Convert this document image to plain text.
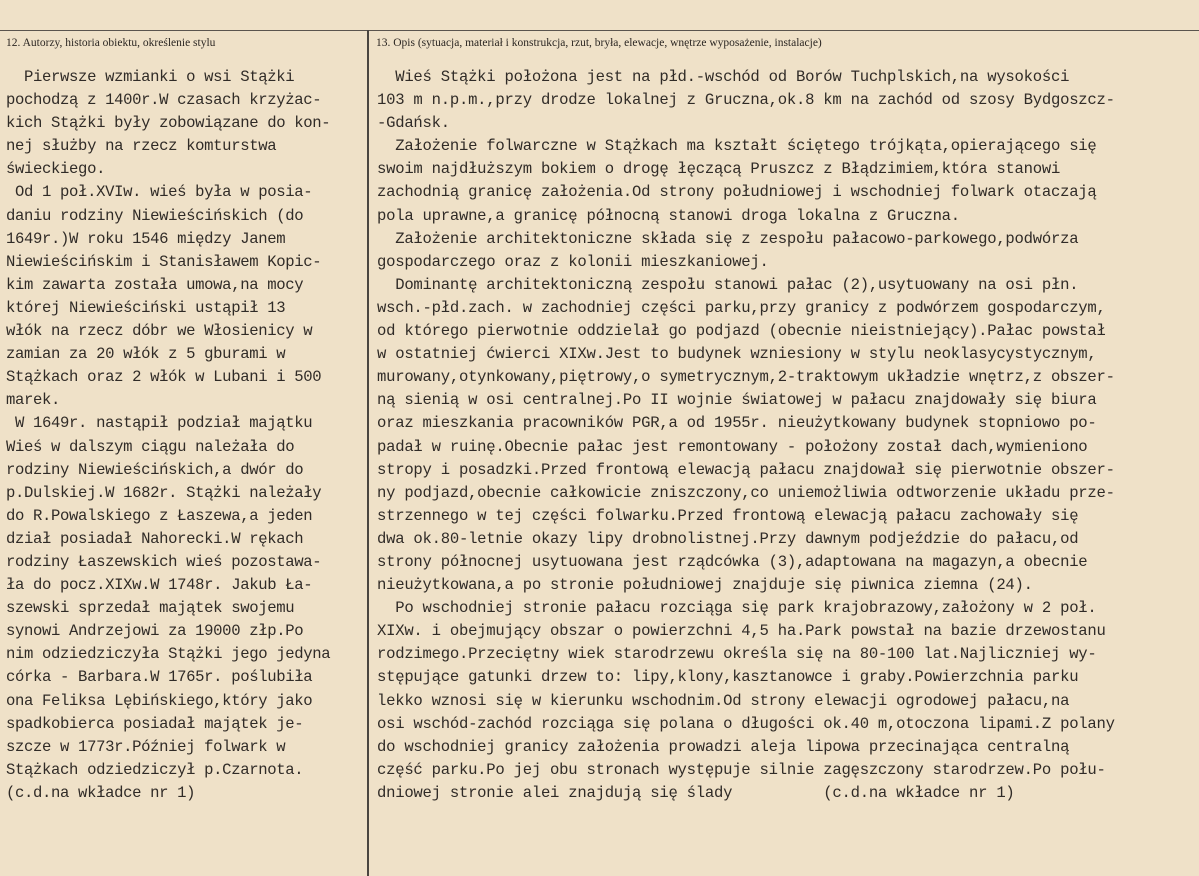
12. Autorzy, historia obiektu, określenie stylu	13. Opis (sytuacja, materiał i konstrukcja, rzut, bryła, elewacje, wnętrze wyposażenie, instalacje)
Pierwsze wzmianki o wsi Stążki
pochodzą z 1400r.W czasach krzyżac-
kich Stążki były zobowiązane do kon-
nej służby na rzecz komturstwa
świeckiego.
Od 1 poł.XVIw. wieś była w posia-
daniu rodziny Niewieścińskich (do
1649r.)W roku 1546 między Janem
Niewieścińskim i Stanisławem Kopic-
kim zawarta została umowa,na mocy
której Niewieściński ustąpił 13
włók na rzecz dóbr we Włosienicy w
zamian za 20 włók z 5 gburami w
Stążkach oraz 2 włók w Lubani i 500
marek.
W 1649r. nastąpił podział majątku
Wieś w dalszym ciągu należała do
rodziny Niewieścińskich,a dwór do
p.Dulskiej.W 1682r. Stążki należały
do R.Powalskiego z Łaszewa,a jeden
dział posiadał Nahorecki.W rękach
rodziny Łaszewskich wieś pozostawa-
ła do pocz.XIXw.W 1748r. Jakub Ła-
szewski sprzedał majątek swojemu
synowi Andrzejowi za 19000 złp.Po
nim odziedziczyła Stążki jego jedyna
córka - Barbara.W 1765r. poślubiła
ona Feliksa Lębińskiego,który jako
spadkobierca posiadał majątek je-
szcze w 1773r.Później folwark w
Stążkach odziedziczył p.Czarnota.
(c.d.na wkładce nr 1)
Wieś Stążki położona jest na płd.-wschód od Borów Tuchplskich,na wysokości
103 m n.p.m.,przy drodze lokalnej z Gruczna,ok.8 km na zachód od szosy Bydgoszcz-
-Gdańsk.
Założenie folwarczne w Stążkach ma kształt ściętego trójkąta,opierającego się
swoim najdłuższym bokiem o drogę łęczącą Pruszcz z Błądzimiem,która stanowi
zachodnią granicę założenia.Od strony południowej i wschodniej folwark otaczają
pola uprawne,a granicę północną stanowi droga lokalna z Gruczna.
Założenie architektoniczne składa się z zespołu pałacowo-parkowego,podwórza
gospodarczego oraz z kolonii mieszkaniowej.
Dominantę architektoniczną zespołu stanowi pałac (2),usytuowany na osi płn.
wsch.-płd.zach. w zachodniej części parku,przy granicy z podwórzem gospodarczym,
od którego pierwotnie oddzielał go podjazd (obecnie nieistniejący).Pałac powstał
w ostatniej ćwierci XIXw.Jest to budynek wzniesiony w stylu neoklasycystycznym,
murowany,otynkowany,piętrowy,o symetrycznym,2-traktowym układzie wnętrz,z obszer-
ną sienią w osi centralnej.Po II wojnie światowej w pałacu znajdowały się biura
oraz mieszkania pracowników PGR,a od 1955r. nieużytkowany budynek stopniowo po-
padał w ruinę.Obecnie pałac jest remontowany - położony został dach,wymieniono
stropy i posadzki.Przed frontową elewacją pałacu znajdował się pierwotnie obszer-
ny podjazd,obecnie całkowicie zniszczony,co uniemożliwia odtworzenie układu prze-
strzennego w tej części folwarku.Przed frontową elewacją pałacu zachowały się
dwa ok.80-letnie okazy lipy drobnolistnej.Przy dawnym podjeździe do pałacu,od
strony północnej usytuowana jest rządcówka (3),adaptowana na magazyn,a obecnie
nieużytkowana,a po stronie południowej znajduje się piwnica ziemna (24).
Po wschodniej stronie pałacu rozciąga się park krajobrazowy,założony w 2 poł.
XIXw. i obejmujący obszar o powierzchni 4,5 ha.Park powstał na bazie drzewostanu
rodzimego.Przeciętny wiek starodrzewu określa się na 80-100 lat.Najliczniej wy-
stępujące gatunki drzew to: lipy,klony,kasztanowce i graby.Powierzchnia parku
lekko wznosi się w kierunku wschodnim.Od strony elewacji ogrodowej pałacu,na
osi wschód-zachód rozciąga się polana o długości ok.40 m,otoczona lipami.Z polany
do wschodniej granicy założenia prowadzi aleja lipowa przecinająca centralną
część parku.Po jej obu stronach występuje silnie zagęszczony starodrzew.Po połu-
dniowej stronie alei znajdują się ślady          (c.d.na wkładce nr 1)
